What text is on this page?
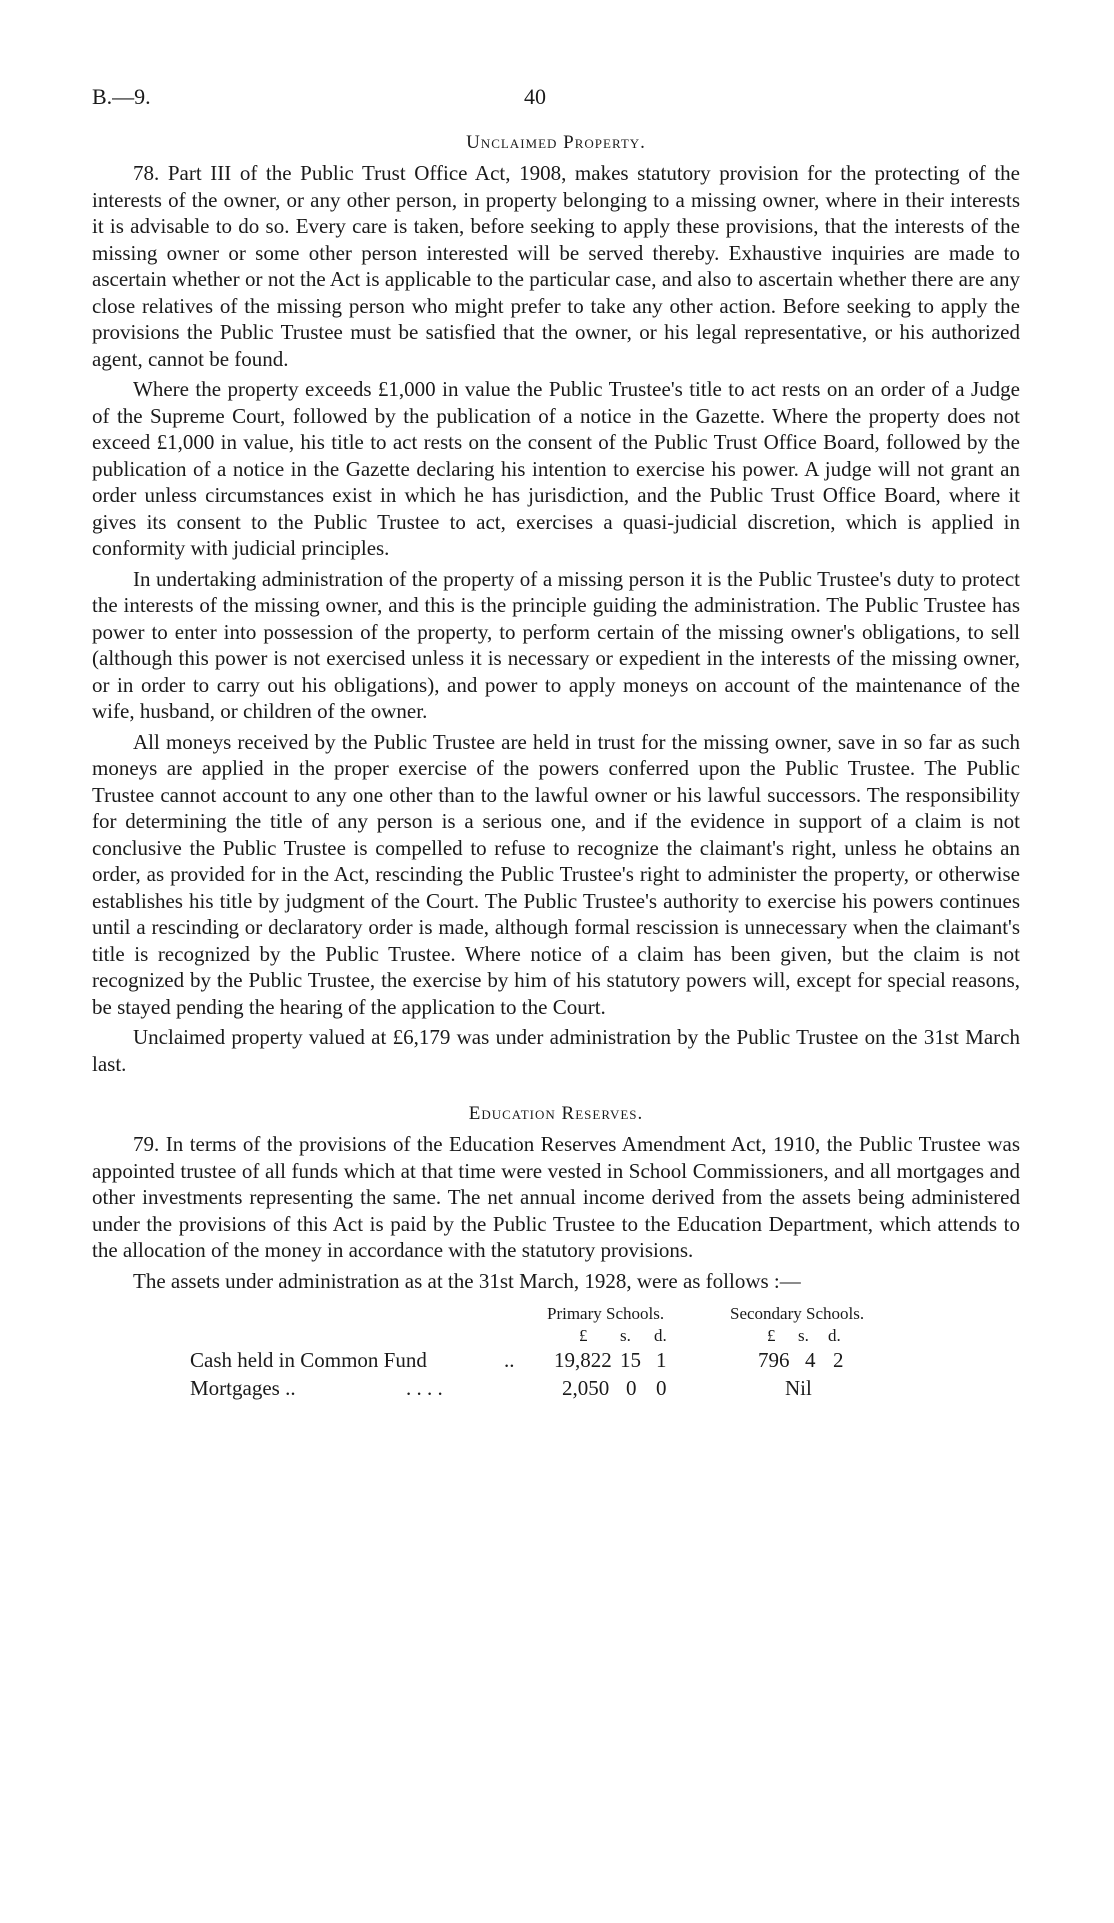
B.—9.	40
Unclaimed Property.

78. Part III of the Public Trust Office Act, 1908, makes statutory provision for the protecting of the interests of the owner, or any other person, in property belonging to a missing owner, where in their interests it is advisable to do so. Every care is taken, before seeking to apply these provisions, that the interests of the missing owner or some other person interested will be served thereby. Exhaustive inquiries are made to ascertain whether or not the Act is applicable to the particular case, and also to ascertain whether there are any close relatives of the missing person who might prefer to take any other action. Before seeking to apply the provisions the Public Trustee must be satisfied that the owner, or his legal representative, or his authorized agent, cannot be found.

Where the property exceeds £1,000 in value the Public Trustee's title to act rests on an order of a Judge of the Supreme Court, followed by the publication of a notice in the Gazette. Where the property does not exceed £1,000 in value, his title to act rests on the consent of the Public Trust Office Board, followed by the publication of a notice in the Gazette declaring his intention to exercise his power. A judge will not grant an order unless circumstances exist in which he has jurisdiction, and the Public Trust Office Board, where it gives its consent to the Public Trustee to act, exercises a quasi-judicial discretion, which is applied in conformity with judicial principles.

In undertaking administration of the property of a missing person it is the Public Trustee's duty to protect the interests of the missing owner, and this is the principle guiding the administration. The Public Trustee has power to enter into possession of the property, to perform certain of the missing owner's obligations, to sell (although this power is not exercised unless it is necessary or expedient in the interests of the missing owner, or in order to carry out his obligations), and power to apply moneys on account of the maintenance of the wife, husband, or children of the owner.

All moneys received by the Public Trustee are held in trust for the missing owner, save in so far as such moneys are applied in the proper exercise of the powers conferred upon the Public Trustee. The Public Trustee cannot account to any one other than to the lawful owner or his lawful successors. The responsibility for determining the title of any person is a serious one, and if the evidence in support of a claim is not conclusive the Public Trustee is compelled to refuse to recognize the claimant's right, unless he obtains an order, as provided for in the Act, rescinding the Public Trustee's right to administer the property, or otherwise establishes his title by judgment of the Court. The Public Trustee's authority to exercise his powers continues until a rescinding or declaratory order is made, although formal rescission is unnecessary when the claimant's title is recognized by the Public Trustee. Where notice of a claim has been given, but the claim is not recognized by the Public Trustee, the exercise by him of his statutory powers will, except for special reasons, be stayed pending the hearing of the application to the Court.

Unclaimed property valued at £6,179 was under administration by the Public Trustee on the 31st March last.

Education Reserves.

79. In terms of the provisions of the Education Reserves Amendment Act, 1910, the Public Trustee was appointed trustee of all funds which at that time were vested in School Commissioners, and all mortgages and other investments representing the same. The net annual income derived from the assets being administered under the provisions of this Act is paid by the Public Trustee to the Education Department, which attends to the allocation of the money in accordance with the statutory provisions.

The assets under administration as at the 31st March, 1928, were as follows :—

Primary Schools.	Secondary Schools.
£ s. d.	£ s. d.
Cash held in Common Fund	.. 19,822 15 1	796 4 2
Mortgages ..	. . . .	2,050 0 0	Nil
